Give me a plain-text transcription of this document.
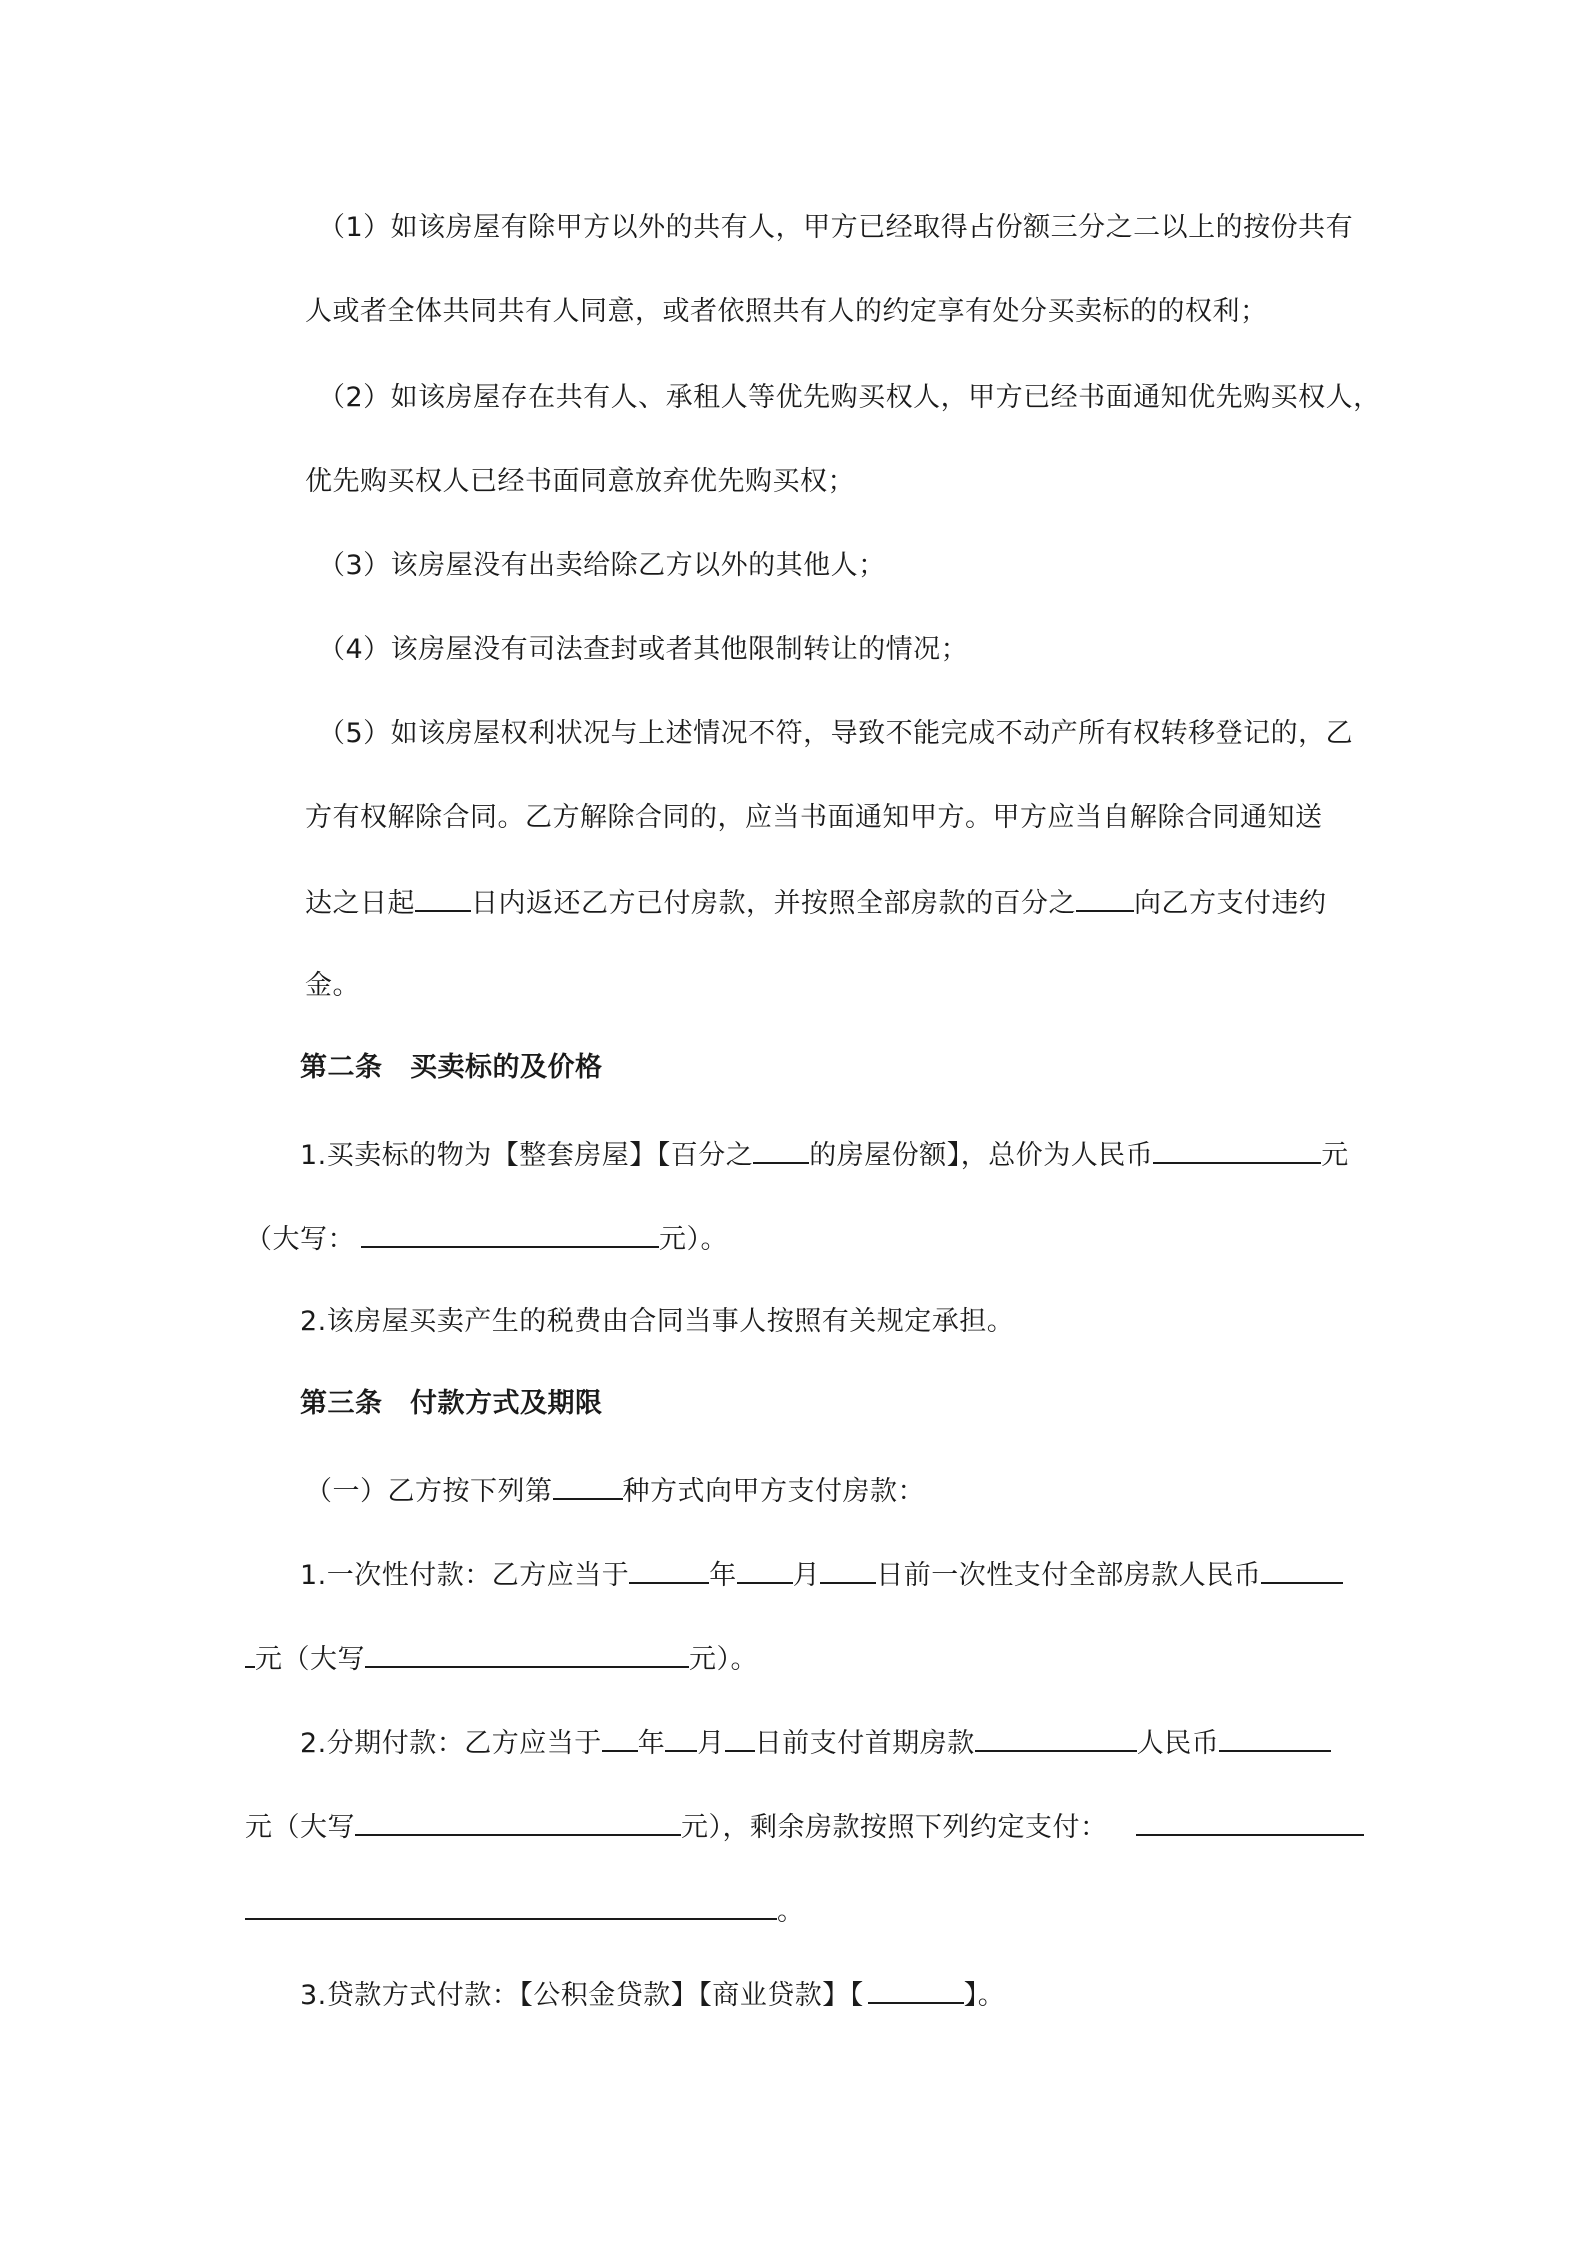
（1）如该房屋有除甲方以外的共有人，甲方已经取得占份额三分之二以上的按份共有
人或者全体共同共有人同意，或者依照共有人的约定享有处分买卖标的的权利；
（2）如该房屋存在共有人、承租人等优先购买权人，甲方已经书面通知优先购买权人，
优先购买权人已经书面同意放弃优先购买权；
（3）该房屋没有出卖给除乙方以外的其他人；
（4）该房屋没有司法查封或者其他限制转让的情况；
（5）如该房屋权利状况与上述情况不符，导致不能完成不动产所有权转移登记的，乙
方有权解除合同。乙方解除合同的，应当书面通知甲方。甲方应当自解除合同通知送
达之日起 日内返还乙方已付房款，并按照全部房款的百分之 向乙方支付违约
金。
第二条　买卖标的及价格
1.买卖标的物为【整套房屋】【百分之 的房屋份额】，总价为人民币	元
（大写：	元）。
2.该房屋买卖产生的税费由合同当事人按照有关规定承担。
第三条　付款方式及期限
（一）乙方按下列第	种方式向甲方支付房款：
1.一次性付款：乙方应当于	年 月 日前一次性支付全部房款人民币
元（大写	元）。
2.分期付款：乙方应当于 年 月 日前支付首期房款	人民币
元（大写	元），剩余房款按照下列约定支付：
。
3.贷款方式付款：【公积金贷款】【商业贷款】【	】。
